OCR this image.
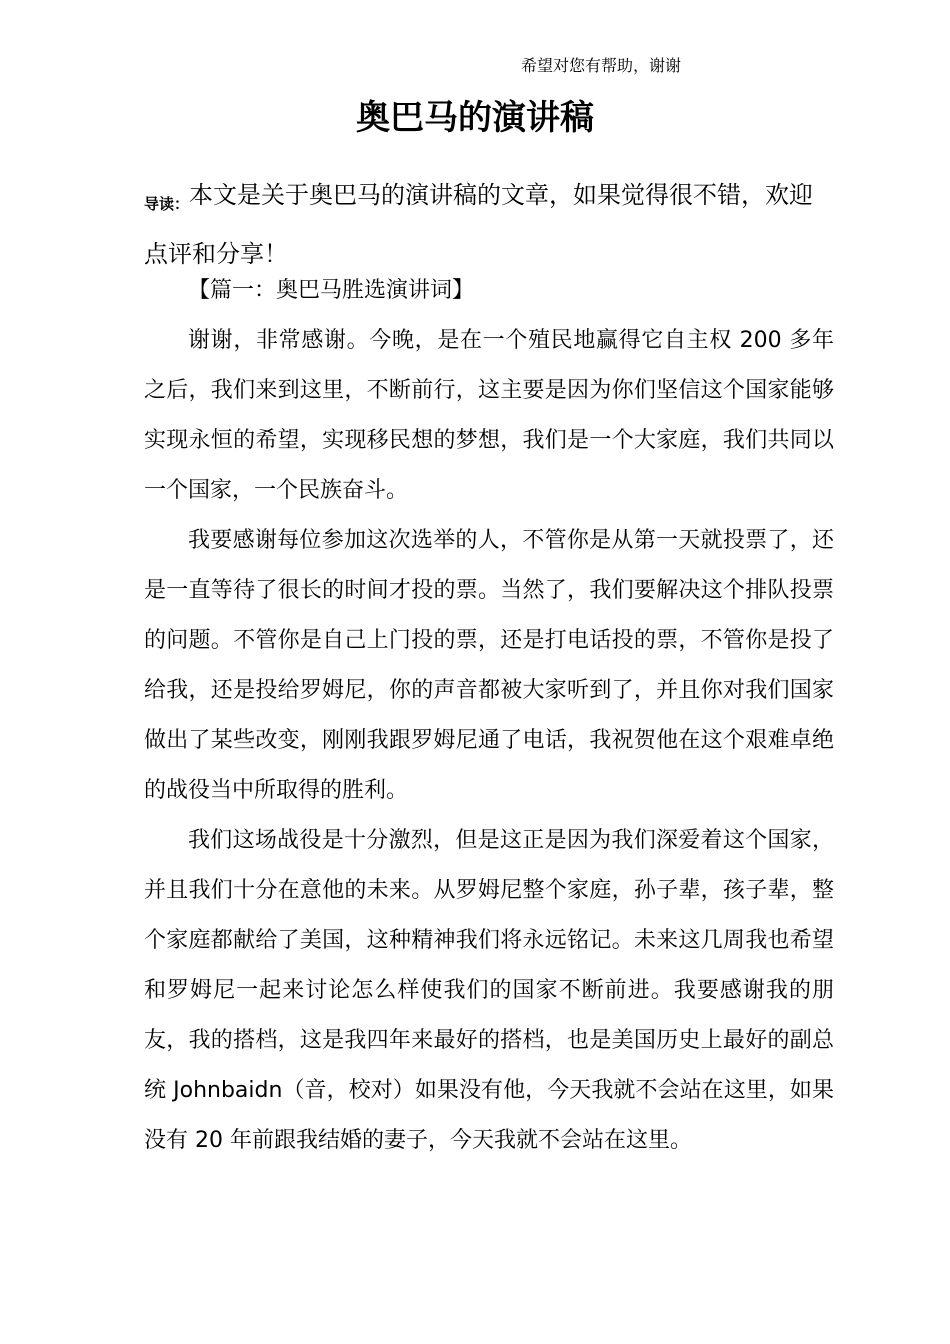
希望对您有帮助，谢谢
奥巴马的演讲稿
$_{导读:}$本文是关于奥巴马的演讲稿的文章，如果觉得很不错，欢迎点评和分享！

【篇一：奥巴马胜选演讲词】

谢谢，非常感谢。今晚，是在一个殖民地赢得它自主权 200 多年之后，我们来到这里，不断前行，这主要是因为你们坚信这个国家能够实现永恒的希望，实现移民想的梦想，我们是一个大家庭，我们共同以一个国家，一个民族奋斗。

我要感谢每位参加这次选举的人，不管你是从第一天就投票了，还是一直等待了很长的时间才投的票。当然了，我们要解决这个排队投票的问题。不管你是自己上门投的票，还是打电话投的票，不管你是投了给我，还是投给罗姆尼，你的声音都被大家听到了，并且你对我们国家做出了某些改变，刚刚我跟罗姆尼通了电话，我祝贺他在这个艰难卓绝的战役当中所取得的胜利。

我们这场战役是十分激烈，但是这正是因为我们深爱着这个国家，并且我们十分在意他的未来。从罗姆尼整个家庭，孙子辈，孩子辈，整个家庭都献给了美国，这种精神我们将永远铭记。未来这几周我也希望和罗姆尼一起来讨论怎么样使我们的国家不断前进。我要感谢我的朋友，我的搭档，这是我四年来最好的搭档，也是美国历史上最好的副总统 Johnbaidn（音，校对）如果没有他，今天我就不会站在这里，如果没有 20 年前跟我结婚的妻子，今天我就不会站在这里。
